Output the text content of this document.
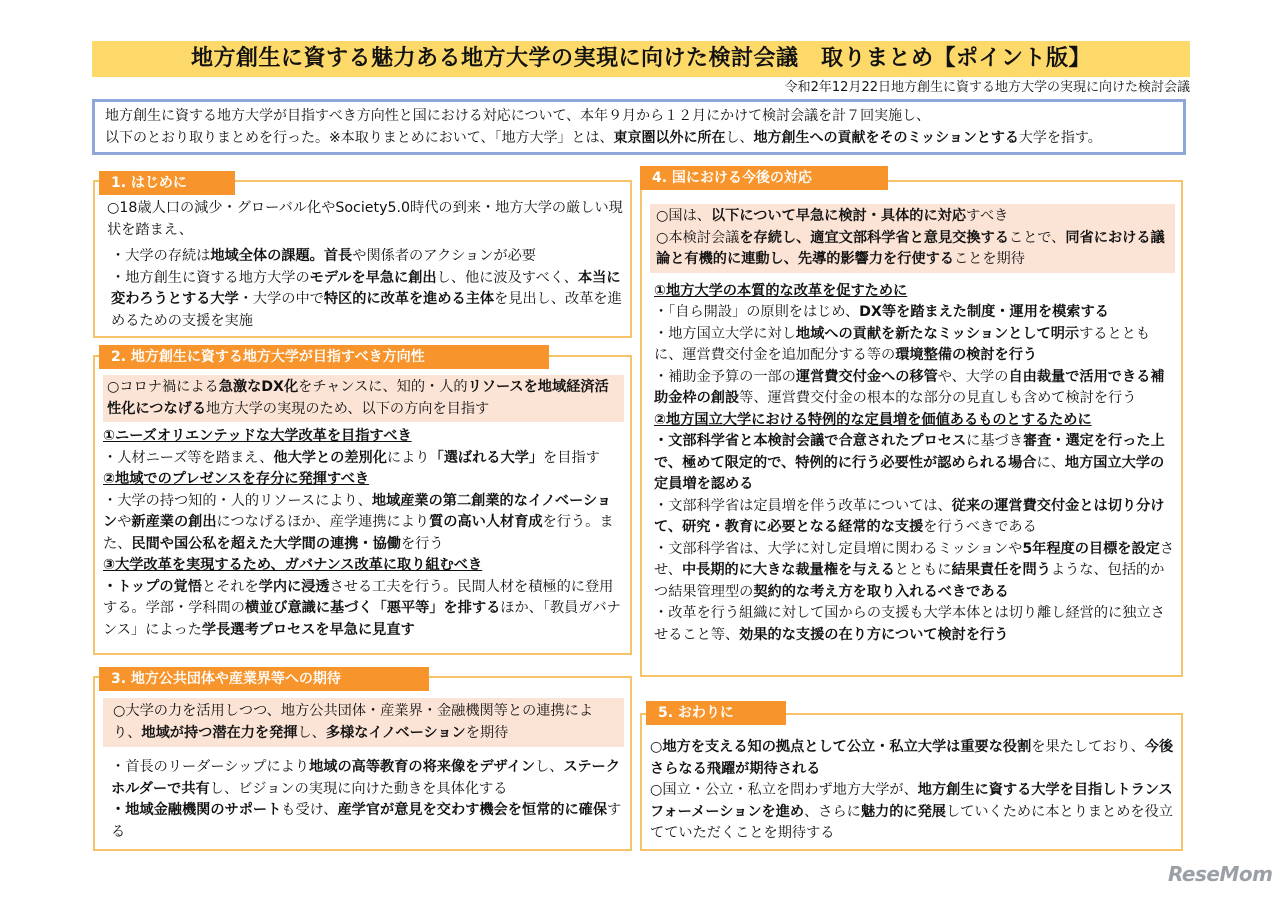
地方創生に資する魅力ある地方大学の実現に向けた検討会議　取りまとめ【ポイント版】
令和2年12月22日地方創生に資する地方大学の実現に向けた検討会議
地方創生に資する地方大学が目指すべき方向性と国における対応について、本年９月から１２月にかけて検討会議を計７回実施し、
以下のとおり取りまとめを行った。※本取りまとめにおいて、「地方大学」とは、東京圏以外に所在し、地方創生への貢献をそのミッションとする大学を指す。
1. はじめに

○18歳人口の減少・グローバル化やSociety5.0時代の到来・地方大学の厳しい現状を踏まえ、

・大学の存続は地域全体の課題。首長や関係者のアクションが必要

・地方創生に資する地方大学のモデルを早急に創出し、他に波及すべく、本当に変わろうとする大学・大学の中で特区的に改革を進める主体を見出し、改革を進めるための支援を実施

2. 地方創生に資する地方大学が目指すべき方向性

○コロナ禍による急激なDX化をチャンスに、知的・人的リソースを地域経済活性化につなげる地方大学の実現のため、以下の方向を目指す

①ニーズオリエンテッドな大学改革を目指すべき

・人材ニーズ等を踏まえ、他大学との差別化により「選ばれる大学」を目指す

②地域でのプレゼンスを存分に発揮すべき

・大学の持つ知的・人的リソースにより、地域産業の第二創業的なイノベーションや新産業の創出につなげるほか、産学連携により質の高い人材育成を行う。また、民間や国公私を超えた大学間の連携・協働を行う

③大学改革を実現するため、ガバナンス改革に取り組むべき

・トップの覚悟とそれを学内に浸透させる工夫を行う。民間人材を積極的に登用する。学部・学科間の横並び意識に基づく「悪平等」を排するほか、「教員ガバナンス」によった学長選考プロセスを早急に見直す

3. 地方公共団体や産業界等への期待

○大学の力を活用しつつ、地方公共団体・産業界・金融機関等との連携により、地域が持つ潜在力を発揮し、多様なイノベーションを期待

・首長のリーダーシップにより地域の高等教育の将来像をデザインし、ステークホルダーで共有し、ビジョンの実現に向けた動きを具体化する

・地域金融機関のサポートも受け、産学官が意見を交わす機会を恒常的に確保する

4. 国における今後の対応

○国は、以下について早急に検討・具体的に対応すべき

○本検討会議を存続し、適宜文部科学省と意見交換することで、同省における議論と有機的に連動し、先導的影響力を行使することを期待

①地方大学の本質的な改革を促すために

・「自ら開設」の原則をはじめ、DX等を踏まえた制度・運用を模索する

・地方国立大学に対し地域への貢献を新たなミッションとして明示するとともに、運営費交付金を追加配分する等の環境整備の検討を行う

・補助金予算の一部の運営費交付金への移管や、大学の自由裁量で活用できる補助金枠の創設等、運営費交付金の根本的な部分の見直しも含めて検討を行う

②地方国立大学における特例的な定員増を価値あるものとするために

・文部科学省と本検討会議で合意されたプロセスに基づき審査・選定を行った上で、極めて限定的で、特例的に行う必要性が認められる場合に、地方国立大学の定員増を認める

・文部科学省は定員増を伴う改革については、従来の運営費交付金とは切り分けて、研究・教育に必要となる経常的な支援を行うべきである

・文部科学省は、大学に対し定員増に関わるミッションや5年程度の目標を設定させ、中長期的に大きな裁量権を与えるとともに結果責任を問うような、包括的かつ結果管理型の契約的な考え方を取り入れるべきである

・改革を行う組織に対して国からの支援も大学本体とは切り離し経営的に独立させること等、効果的な支援の在り方について検討を行う

5. おわりに

○地方を支える知の拠点として公立・私立大学は重要な役割を果たしており、今後さらなる飛躍が期待される

○国立・公立・私立を問わず地方大学が、地方創生に資する大学を目指しトランスフォーメーションを進め、さらに魅力的に発展していくために本とりまとめを役立てていただくことを期待する

ReseMom
